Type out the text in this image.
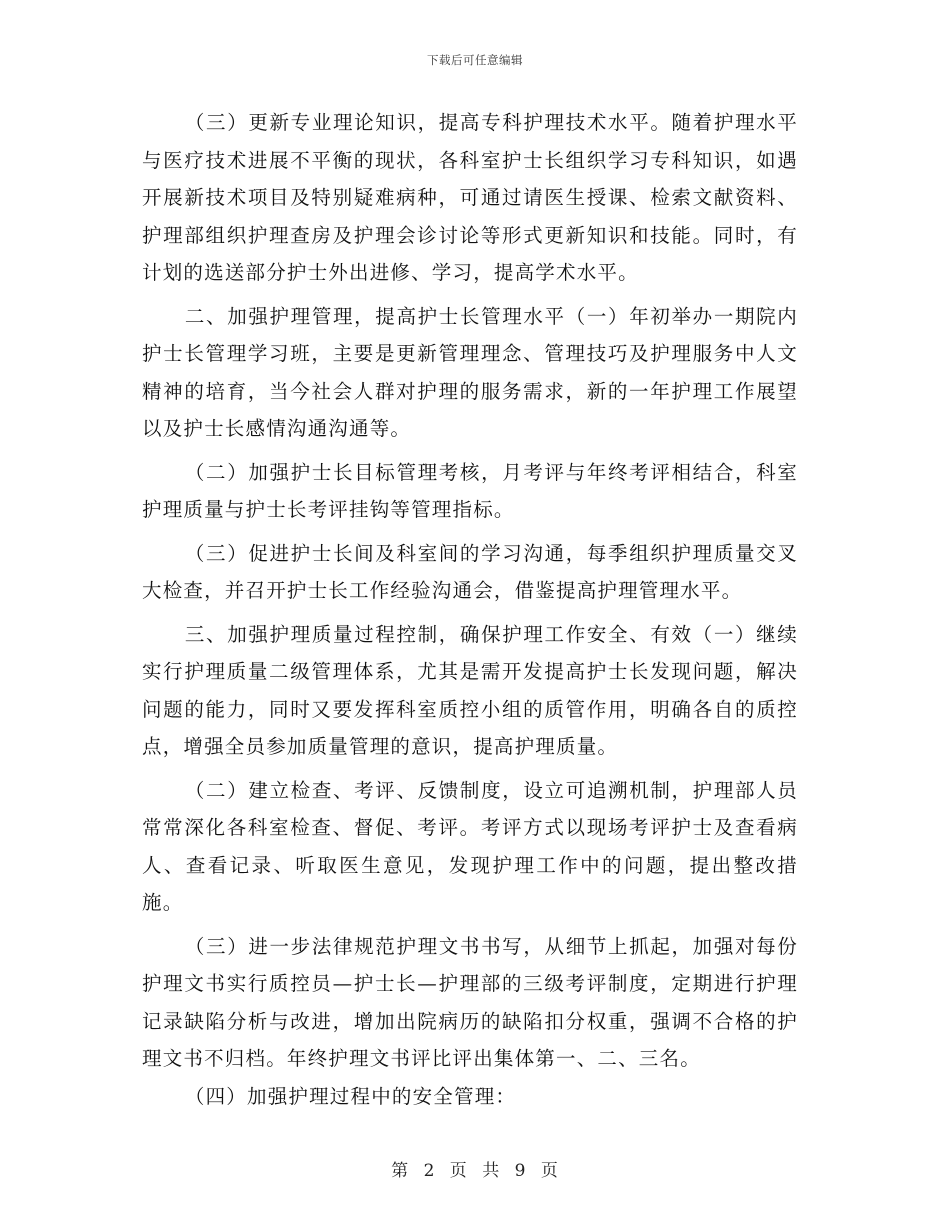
下载后可任意编辑

（三）更新专业理论知识，提高专科护理技术水平。随着护理水平与医疗技术进展不平衡的现状，各科室护士长组织学习专科知识，如遇开展新技术项目及特别疑难病种，可通过请医生授课、检索文献资料、护理部组织护理查房及护理会诊讨论等形式更新知识和技能。同时，有计划的选送部分护士外出进修、学习，提高学术水平。

二、加强护理管理，提高护士长管理水平（一）年初举办一期院内护士长管理学习班，主要是更新管理理念、管理技巧及护理服务中人文精神的培育，当今社会人群对护理的服务需求，新的一年护理工作展望以及护士长感情沟通沟通等。

（二）加强护士长目标管理考核，月考评与年终考评相结合，科室护理质量与护士长考评挂钩等管理指标。

（三）促进护士长间及科室间的学习沟通，每季组织护理质量交叉大检查，并召开护士长工作经验沟通会，借鉴提高护理管理水平。

三、加强护理质量过程控制，确保护理工作安全、有效（一）继续实行护理质量二级管理体系，尤其是需开发提高护士长发现问题，解决问题的能力，同时又要发挥科室质控小组的质管作用，明确各自的质控点，增强全员参加质量管理的意识，提高护理质量。

（二）建立检查、考评、反馈制度，设立可追溯机制，护理部人员常常深化各科室检查、督促、考评。考评方式以现场考评护士及查看病人、查看记录、听取医生意见，发现护理工作中的问题，提出整改措施。

（三）进一步法律规范护理文书书写，从细节上抓起，加强对每份护理文书实行质控员—护士长—护理部的三级考评制度，定期进行护理记录缺陷分析与改进，增加出院病历的缺陷扣分权重，强调不合格的护理文书不归档。年终护理文书评比评出集体第一、二、三名。

（四）加强护理过程中的安全管理：

第 2 页 共 9 页
